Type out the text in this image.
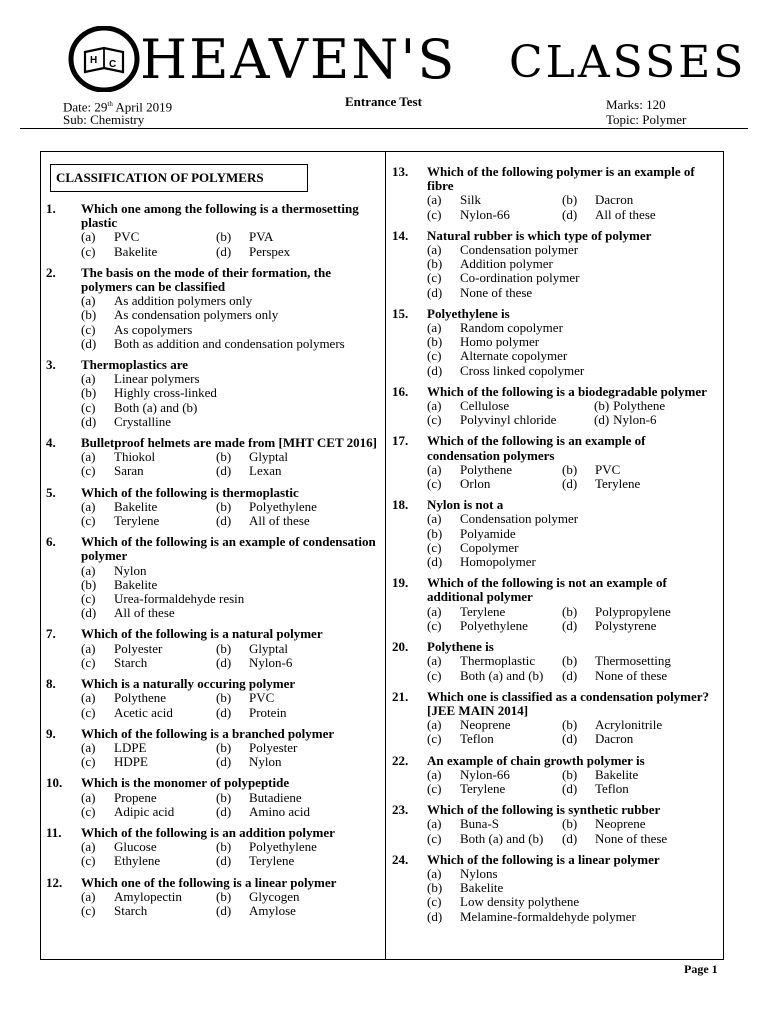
H C HEAVEN'S CLASSES
Date: 29th April 2019
Sub: Chemistry
Entrance Test	Marks: 120
Topic: Polymer
CLASSIFICATION OF POLYMERS
1. Which one among the following is a thermosetting plastic
(a)	PVC	(b)	PVA
(c)	Bakelite	(d)	Perspex
2. The basis on the mode of their formation, the polymers can be classified
(a)	As addition polymers only
(b)	As condensation polymers only
(c)	As copolymers
(d)	Both as addition and condensation polymers
3. Thermoplastics are
(a)	Linear polymers
(b)	Highly cross-linked
(c)	Both (a) and (b)
(d)	Crystalline
4. Bulletproof helmets are made from [MHT CET 2016]
(a)	Thiokol	(b)	Glyptal
(c)	Saran	(d)	Lexan
5. Which of the following is thermoplastic
(a)	Bakelite	(b)	Polyethylene
(c)	Terylene	(d)	All of these
6. Which of the following is an example of condensation polymer
(a)	Nylon
(b)	Bakelite
(c)	Urea-formaldehyde resin
(d)	All of these
7. Which of the following is a natural polymer
(a)	Polyester	(b)	Glyptal
(c)	Starch	(d)	Nylon-6
8. Which is a naturally occuring polymer
(a)	Polythene	(b)	PVC
(c)	Acetic acid	(d)	Protein
9. Which of the following is a branched polymer
(a)	LDPE	(b)	Polyester
(c)	HDPE	(d)	Nylon
10. Which is the monomer of polypeptide
(a)	Propene	(b)	Butadiene
(c)	Adipic acid	(d)	Amino acid
11. Which of the following is an addition polymer
(a)	Glucose	(b)	Polyethylene
(c)	Ethylene	(d)	Terylene
12. Which one of the following is a linear polymer
(a)	Amylopectin	(b)	Glycogen
(c)	Starch	(d)	Amylose
13. Which of the following polymer is an example of fibre
(a)	Silk	(b)	Dacron
(c)	Nylon-66	(d)	All of these
14. Natural rubber is which type of polymer
(a)	Condensation polymer
(b)	Addition polymer
(c)	Co-ordination polymer
(d)	None of these
15. Polyethylene is
(a)	Random copolymer
(b)	Homo polymer
(c)	Alternate copolymer
(d)	Cross linked copolymer
16. Which of the following is a biodegradable polymer
(a)	Cellulose	(b) Polythene
(c)	Polyvinyl chloride	(d) Nylon-6
17. Which of the following is an example of condensation polymers
(a)	Polythene	(b)	PVC
(c)	Orlon	(d)	Terylene
18. Nylon is not a
(a)	Condensation polymer
(b)	Polyamide
(c)	Copolymer
(d)	Homopolymer
19. Which of the following is not an example of additional polymer
(a)	Terylene	(b)	Polypropylene
(c)	Polyethylene	(d)	Polystyrene
20. Polythene is
(a)	Thermoplastic (b)	Thermosetting
(c)	Both (a) and (b) (d)	None of these
21. Which one is classified as a condensation polymer? [JEE MAIN 2014]
(a)	Neoprene	(b)	Acrylonitrile
(c)	Teflon	(d)	Dacron
22. An example of chain growth polymer is
(a)	Nylon-66	(b)	Bakelite
(c)	Terylene	(d)	Teflon
23. Which of the following is synthetic rubber
(a)	Buna-S	(b)	Neoprene
(c)	Both (a) and (b) (d)	None of these
24. Which of the following is a linear polymer
(a)	Nylons
(b)	Bakelite
(c)	Low density polythene
(d)	Melamine-formaldehyde polymer
Page 1
